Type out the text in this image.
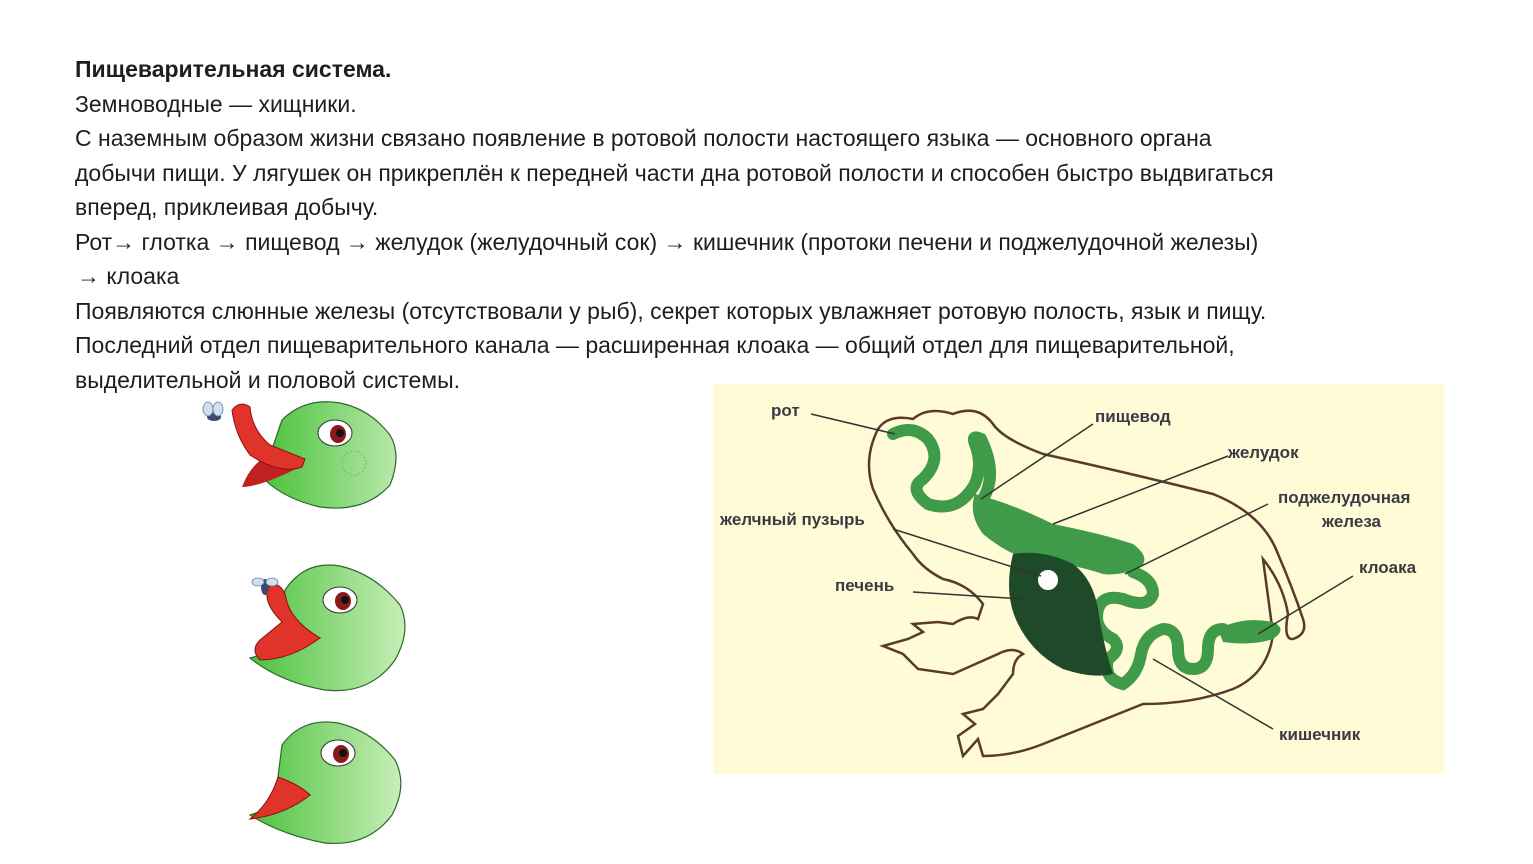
Пищеварительная система.

Земноводные — хищники.

С наземным образом жизни связано появление в ротовой полости настоящего языка — основного органа

добычи пищи. У лягушек он прикреплён к передней части дна ротовой полости и способен быстро выдвигаться

вперед, приклеивая добычу.

Рот→ глотка → пищевод → желудок (желудочный сок) → кишечник (протоки печени и поджелудочной железы)

→ клоака

Появляются слюнные железы (отсутствовали у рыб), секрет которых увлажняет ротовую полость, язык и пищу.

Последний отдел пищеварительного канала — расширенная клоака — общий отдел для пищеварительной,

выделительной и половой системы.

рот	пищевод
желудок
поджелудочная
железа
желчный пузырь
печень
клоака
кишечник
